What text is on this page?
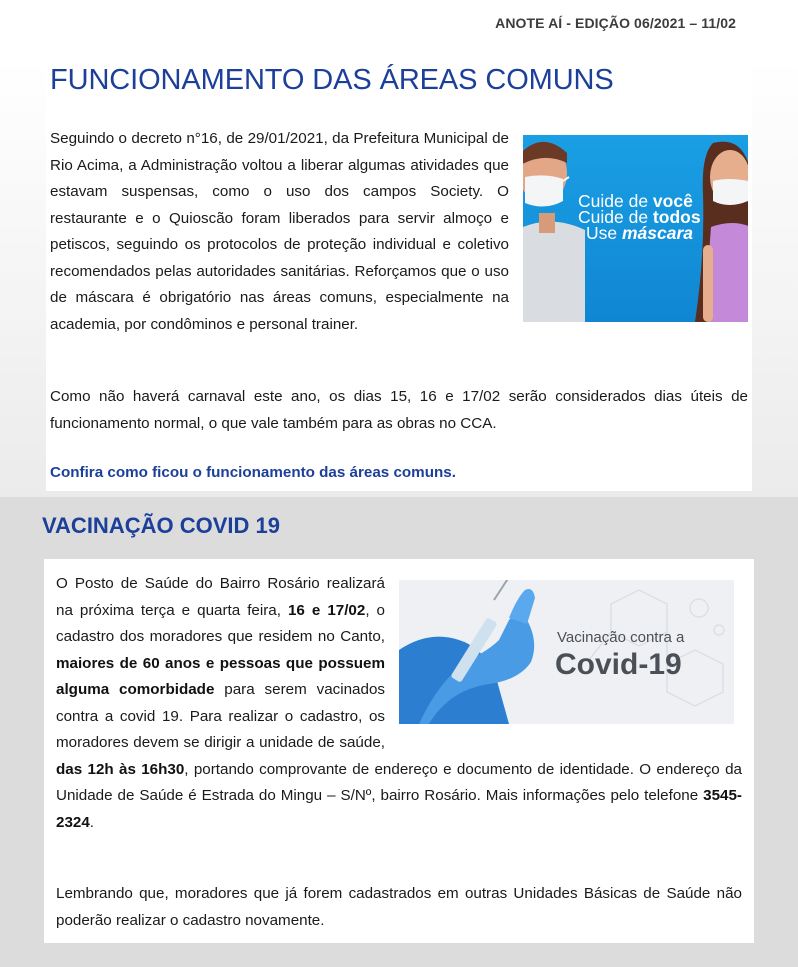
ANOTE AÍ - EDIÇÃO 06/2021 – 11/02
FUNCIONAMENTO DAS ÁREAS COMUNS
Cuide de você
Cuide de todos
Use máscara
Seguindo o decreto n°16, de 29/01/2021, da Prefeitura Municipal de Rio Acima, a Administração voltou a liberar algumas atividades que estavam suspensas, como o uso dos campos Society. O restaurante e o Quioscão foram liberados para servir almoço e petiscos, seguindo os protocolos de proteção individual e coletivo recomendados pelas autoridades sanitárias. Reforçamos que o uso de máscara é obrigatório nas áreas comuns, especialmente na academia, por condôminos e personal trainer.

Como não haverá carnaval este ano, os dias 15, 16 e 17/02 serão considerados dias úteis de funcionamento normal, o que vale também para as obras no CCA.

Confira como ficou o funcionamento das áreas comuns.
VACINAÇÃO COVID 19
Vacinação contra a
Covid-19
O Posto de Saúde do Bairro Rosário realizará na próxima terça e quarta feira, 16 e 17/02, o cadastro dos moradores que residem no Canto, maiores de 60 anos e pessoas que possuem alguma comorbidade para serem vacinados contra a covid 19. Para realizar o cadastro, os moradores devem se dirigir a unidade de saúde, das 12h às 16h30, portando comprovante de endereço e documento de identidade. O endereço da Unidade de Saúde é Estrada do Mingu – S/Nº, bairro Rosário. Mais informações pelo telefone 3545-2324.

Lembrando que, moradores que já forem cadastrados em outras Unidades Básicas de Saúde não poderão realizar o cadastro novamente.
